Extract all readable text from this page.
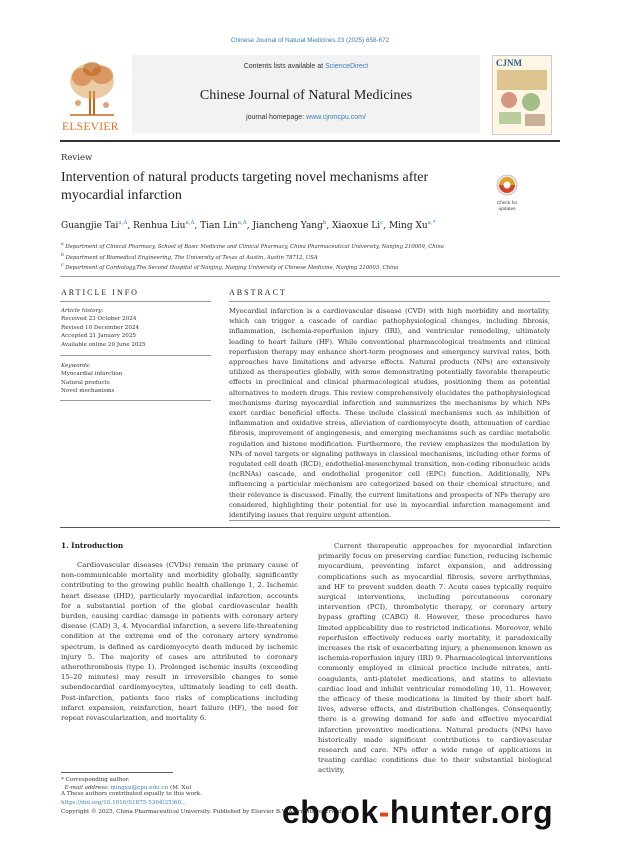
Chinese Journal of Natural Medicines 23 (2025) 658-672
ELSEVIER
Contents lists available at ScienceDirect
Chinese Journal of Natural Medicines
journal homepage: www.cjnmcpu.com/
CJNM
Review
Intervention of natural products targeting novel mechanisms after myocardial infarction
Check for updates
Guangjie Tai$^{a,\Delta}$, Renhua Liu$^{a,\Delta}$, Tian Lin$^{a,\Delta}$, Jiancheng Yang$^b$, Xiaoxue Li$^c$, Ming $Xu^{a,*}$
$^a$ Department of Clinical Pharmacy, School of Basic Medicine and Clinical Pharmacy, China Pharmaceutical University, Nanjing 210009, China
$^b$ Department of Biomedical Engineering, The University of Texas at Austin, Austin 78712, USA
$^c$ Department of Cardiology,The Second Hospital of Nanjing, Nanjing University of Chinese Medicine, Nanjing 210003, China
ARTICLE INFO	ABSTRACT
Article history:
Received 23 October 2024
Revised 10 December 2024
Accepted 21 January 2025
Available online 20 June 2025
Keywords:
Myocardial infarction
Natural products
Novel mechanisms
Myocardial infarction is a cardiovascular disease (CVD) with high morbidity and mortality, which can trigger a cascade of cardiac pathophysiological changes, including fibrosis, inflammation, ischemia-reperfusion injury (IRI), and ventricular remodeling, ultimately leading to heart failure (HF). While conventional pharmacological treatments and clinical reperfusion therapy may enhance short-term prognoses and emergency survival rates, both approaches have limitations and adverse effects. Natural products (NPs) are extensively utilized as therapeutics globally, with some demonstrating potentially favorable therapeutic effects in preclinical and clinical pharmacological studies, positioning them as potential alternatives to modern drugs. This review comprehensively elucidates the pathophysiological mechanisms during myocardial infarction and summarizes the mechanisms by which NPs exert cardiac beneficial effects. These include classical mechanisms such as inhibition of inflammation and oxidative stress, alleviation of cardiomyocyte death, attenuation of cardiac fibrosis, improvement of angiogenesis, and emerging mechanisms such as cardiac metabolic regulation and histone modification. Furthermore, the review emphasizes the modulation by NPs of novel targets or signaling pathways in classical mechanisms, including other forms of regulated cell death (RCD), endothelial-mesenchymal transition, non-coding ribonucleic acids (ncRNAs) cascade, and endothelial progenitor cell (EPC) function. Additionally, NPs influencing a particular mechanism are categorized based on their chemical structure, and their relevance is discussed. Finally, the current limitations and prospects of NPs therapy are considered, highlighting their potential for use in myocardial infarction management and identifying issues that require urgent attention.
1. Introduction
Cardiovascular diseases (CVDs) remain the primary cause of non-communicable mortality and morbidity globally, significantly contributing to the growing public health challenge 1, 2. Ischemic heart disease (IHD), particularly myocardial infarction, accounts for a substantial portion of the global cardiovascular health burden, causing cardiac damage in patients with coronary artery disease (CAD) 3, 4. Myocardial infarction, a severe life-threatening condition at the extreme end of the coronary artery syndrome spectrum, is defined as cardiomyocyte death induced by ischemic injury 5. The majority of cases are attributed to coronary atherothrombosis (type 1). Prolonged ischemic insults (exceeding 15–20 minutes) may result in irreversible changes to some subendocardial cardiomyocytes, ultimately leading to cell death. Post-infarction, patients face risks of complications including infarct expansion, reinfarction, heart failure (HF), the need for repeat revascularization, and mortality 6.
Current therapeutic approaches for myocardial infarction primarily focus on preserving cardiac function, reducing ischemic myocardium, preventing infarct expansion, and addressing complications such as myocardial fibrosis, severe arrhythmias, and HF to prevent sudden death 7. Acute cases typically require surgical interventions, including percutaneous coronary intervention (PCI), thrombolytic therapy, or coronary artery bypass grafting (CABG) 8. However, these procedures have limited applicability due to restricted indications. Moreover, while reperfusion effectively reduces early mortality, it paradoxically increases the risk of exacerbating injury, a phenomenon known as ischemia-reperfusion injury (IRI) 9. Pharmacological interventions commonly employed in clinical practice include nitrates, anti-coagulants, anti-platelet medications, and statins to alleviate cardiac load and inhibit ventricular remodeling 10, 11. However, the efficacy of these medications is limited by their short half-lives, adverse effects, and distribution challenges. Consequently, there is a growing demand for safe and effective myocardial infarction preventive medications. Natural products (NPs) have historically made significant contributions to cardiovascular research and care. NPs offer a wide range of applications in treating cardiac conditions due to their substantial biological activity,
* Corresponding author.
E-mail address: mingxu@cpu.edu.cn (M. Xu)
Δ These authors contributed equally to this work.
https://doi.org/10.1016/S1875-5364(25)60...
Copyright © 2025, China Pharmaceutical University. Published by Elsevier B.V. All rights reserved.
ebook-hunter.org
